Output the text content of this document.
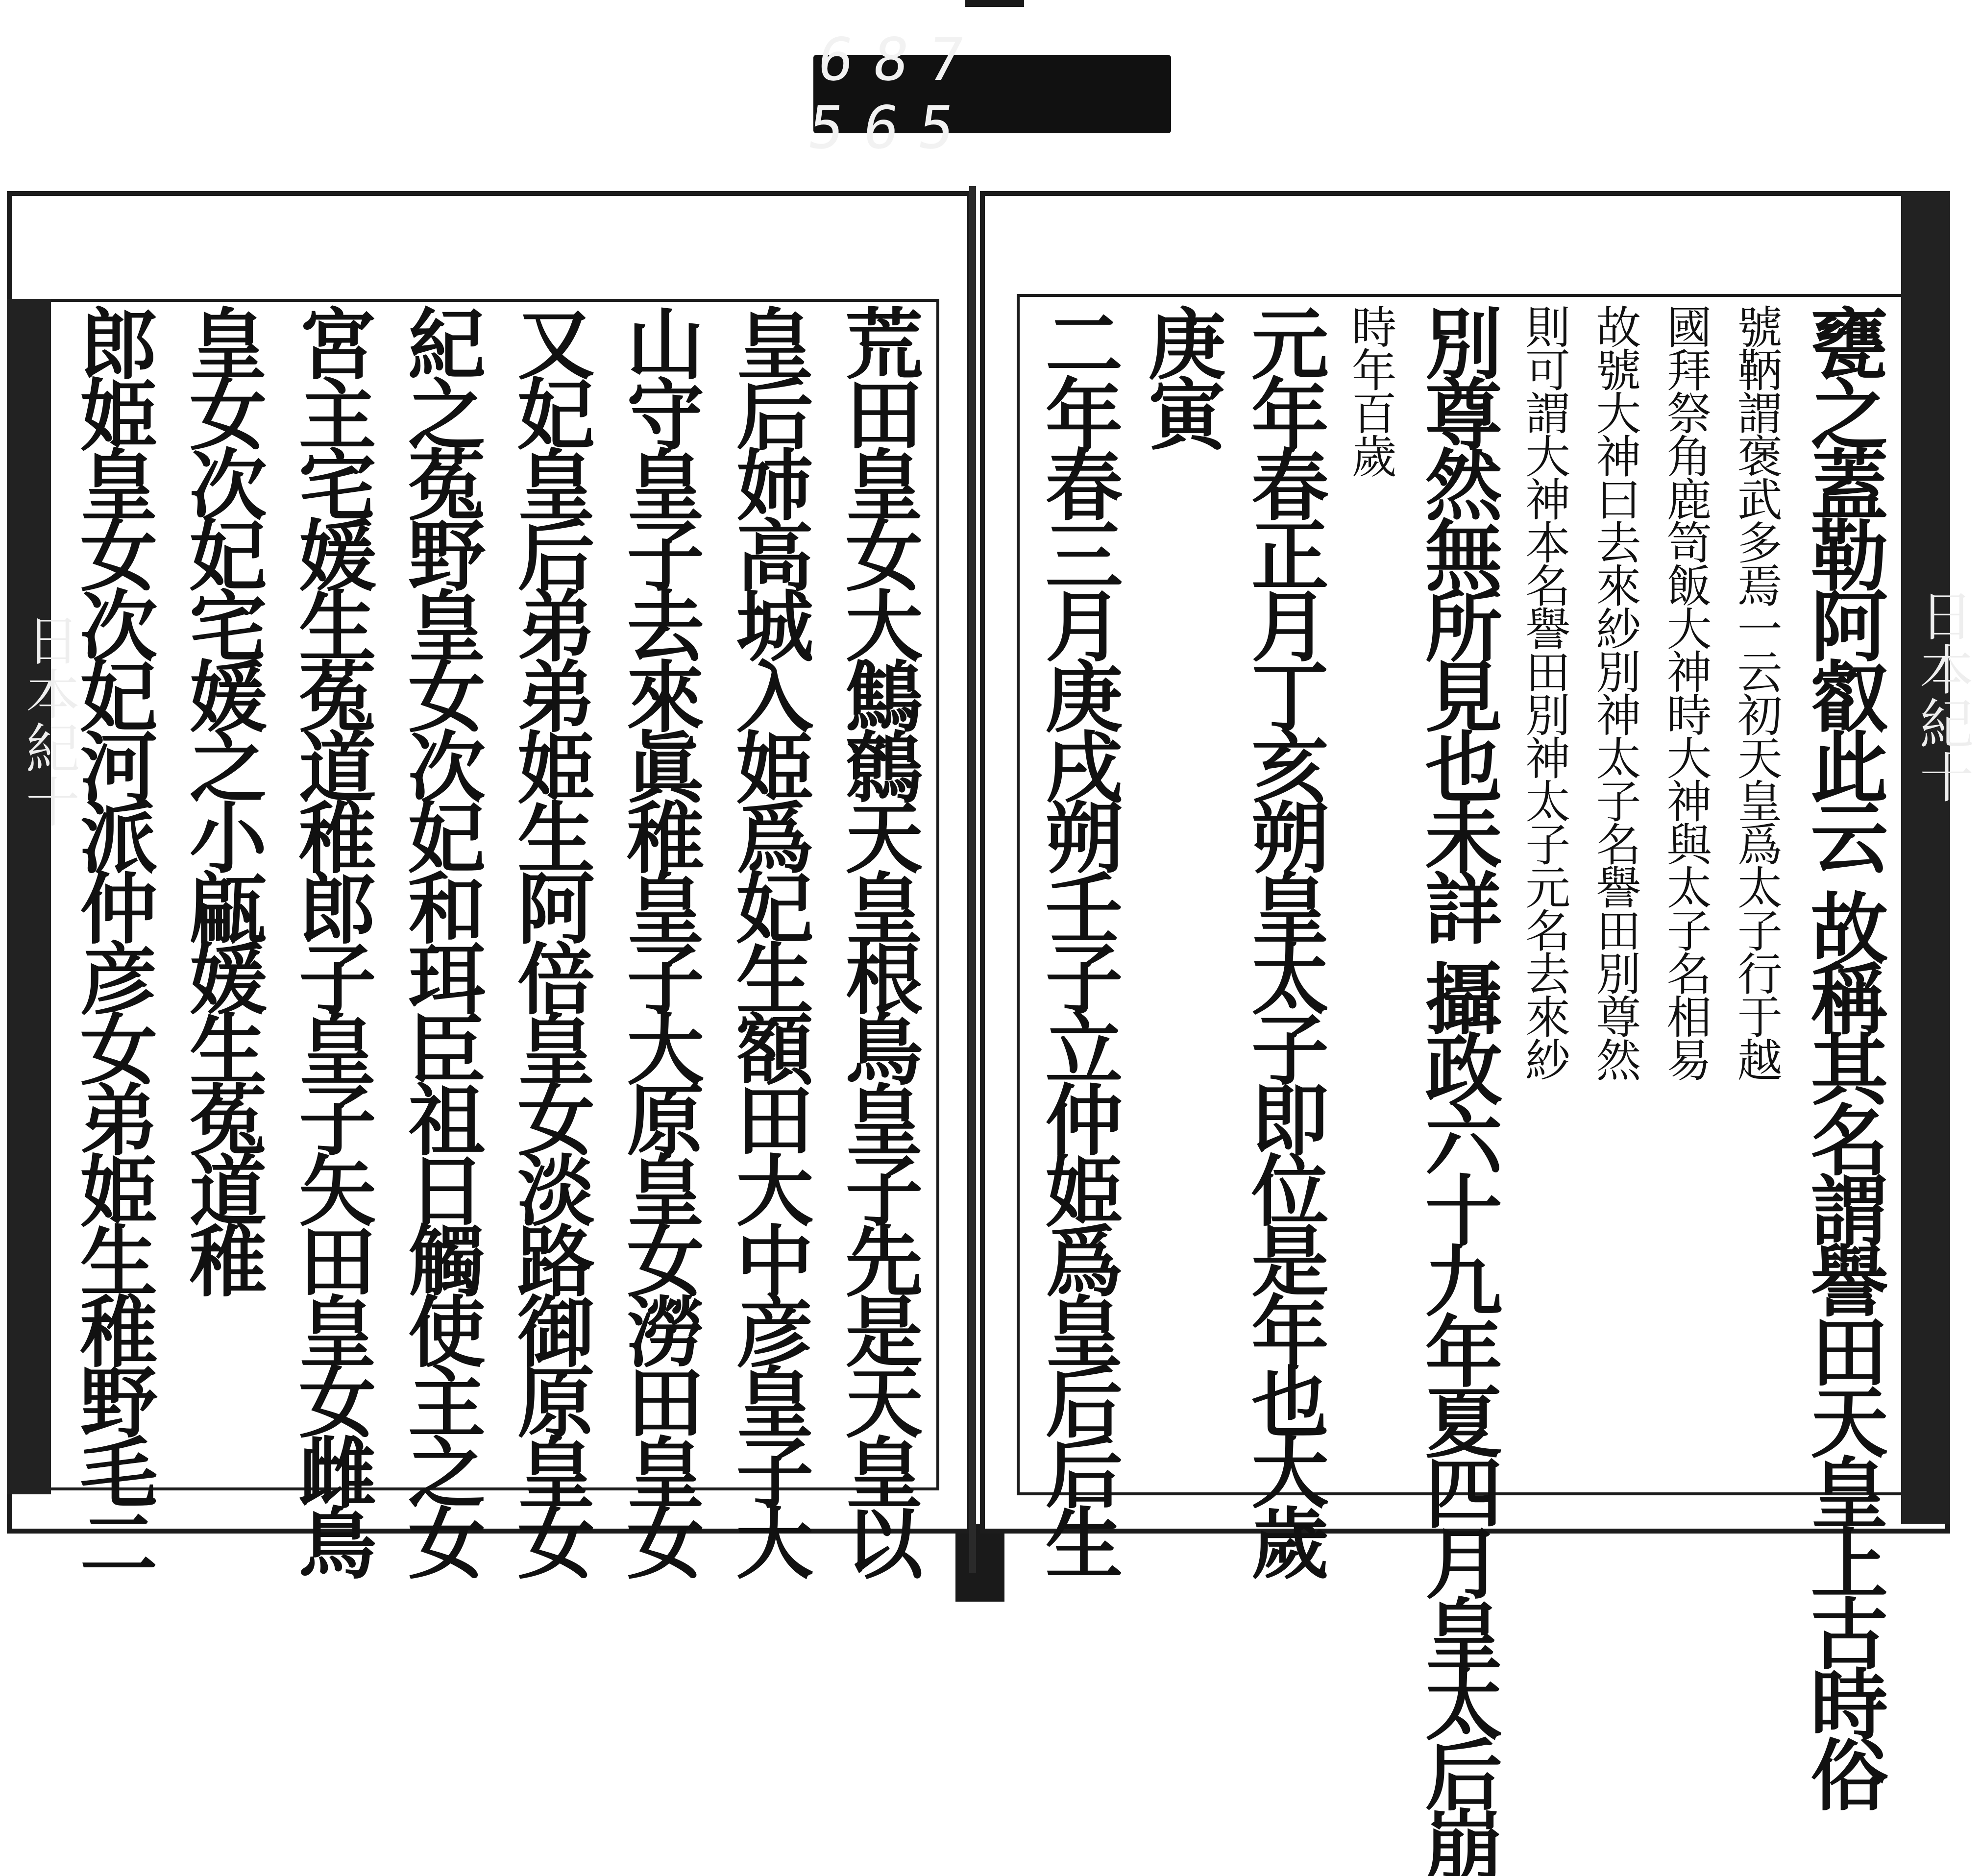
687 565
日本紀十	荒田皇女大鷦鷯天皇根鳥皇子先是天皇以
皇后姉高城入姫爲妃生額田大中彦皇子大
山守皇子去來眞稚皇子大原皇女澇田皇女
又妃皇后弟弟姫生阿倍皇女淡路御原皇女
紀之菟野皇女次妃和珥臣祖日觸使主之女
宮主宅媛生菟道稚郎子皇子矢田皇女雌鳥
皇女次妃宅媛之小甂媛生菟道稚
郎姫皇女次妃河派仲彦女弟姫生稚野毛二	日本紀十
甕之蓋勒阿叡此云 故稱其名謂譽田天皇上古時俗
號鞆謂褒武多焉一云初天皇爲太子行于越
國拜祭角鹿笥飯大神時大神與太子名相易
故號大神曰去來紗別神太子名譽田別尊然
則可謂大神本名譽田別神太子元名去來紗
別尊然無所見也未詳 攝政六十九年夏四月皇太后崩
時年百歲
元年春正月丁亥朔皇太子即位是年也大歲
庚寅
二年春三月庚戌朔壬子立仲姫爲皇后后生
